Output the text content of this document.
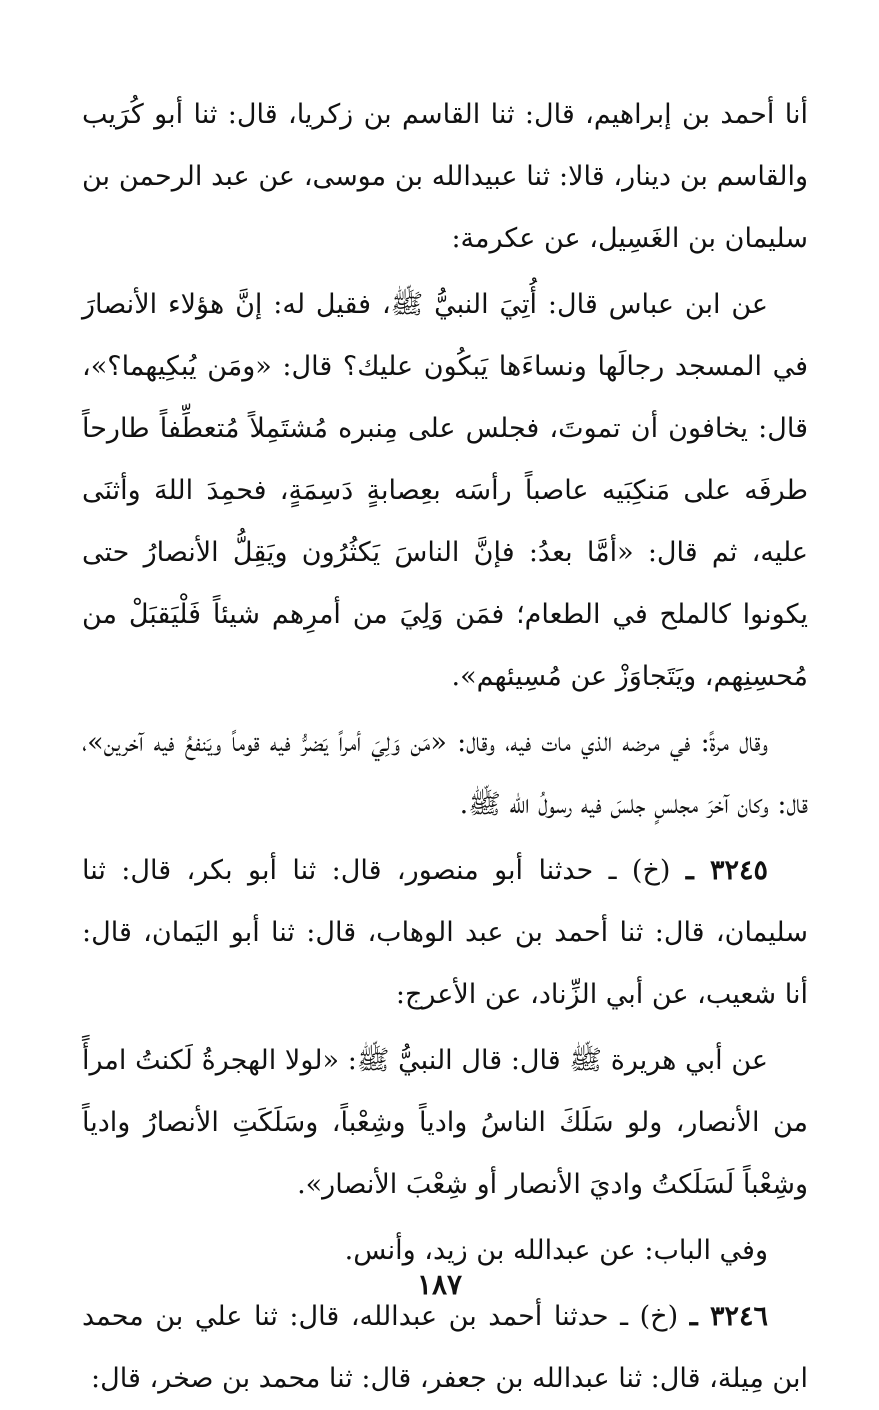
أنا أحمد بن إبراهيم، قال: ثنا القاسم بن زكريا، قال: ثنا أبو كُرَيب والقاسم بن دينار، قالا: ثنا عبيدالله بن موسى، عن عبد الرحمن بن سليمان بن الغَسِيل، عن عكرمة:

عن ابن عباس قال: أُتِيَ النبيُّ ﷺ، فقيل له: إنَّ هؤلاء الأنصارَ في المسجد رجالَها ونساءَها يَبكُون عليك؟ قال: «ومَن يُبكِيهما؟»، قال: يخافون أن تموتَ، فجلس على مِنبره مُشتَمِلاً مُتعطِّفاً طارحاً طرفَه على مَنكِبَيه عاصباً رأسَه بعِصابةٍ دَسِمَةٍ، فحمِدَ اللهَ وأثنَى عليه، ثم قال: «أمَّا بعدُ: فإنَّ الناسَ يَكثُرُون ويَقِلُّ الأنصارُ حتى يكونوا كالملح في الطعام؛ فمَن وَلِيَ من أمرِهم شيئاً فَلْيَقبَلْ من مُحسِنِهم، ويَتَجاوَزْ عن مُسِيئهم».

وقال مرةً: في مرضه الذي مات فيه، وقال: «مَن وَلِيَ أمراً يَضرُّ فيه قوماً ويَنفعُ فيه آخرين»، قال: وكان آخرَ مجلسٍ جلسَ فيه رسولُ الله ﷺ.

٣٢٤٥ ـ (خ) ـ حدثنا أبو منصور، قال: ثنا أبو بكر، قال: ثنا سليمان، قال: ثنا أحمد بن عبد الوهاب، قال: ثنا أبو اليَمان، قال: أنا شعيب، عن أبي الزِّناد، عن الأعرج:

عن أبي هريرة ﷺ قال: قال النبيُّ ﷺ: «لولا الهجرةُ لَكنتُ امرأً من الأنصار، ولو سَلَكَ الناسُ وادياً وشِعْباً، وسَلَكَتِ الأنصارُ وادياً وشِعْباً لَسَلَكتُ واديَ الأنصار أو شِعْبَ الأنصار».

وفي الباب: عن عبدالله بن زيد، وأنس.

٣٢٤٦ ـ (خ) ـ حدثنا أحمد بن عبدالله، قال: ثنا علي بن محمد ابن مِيلة، قال: ثنا عبدالله بن جعفر، قال: ثنا محمد بن صخر، قال:

١٨٧
